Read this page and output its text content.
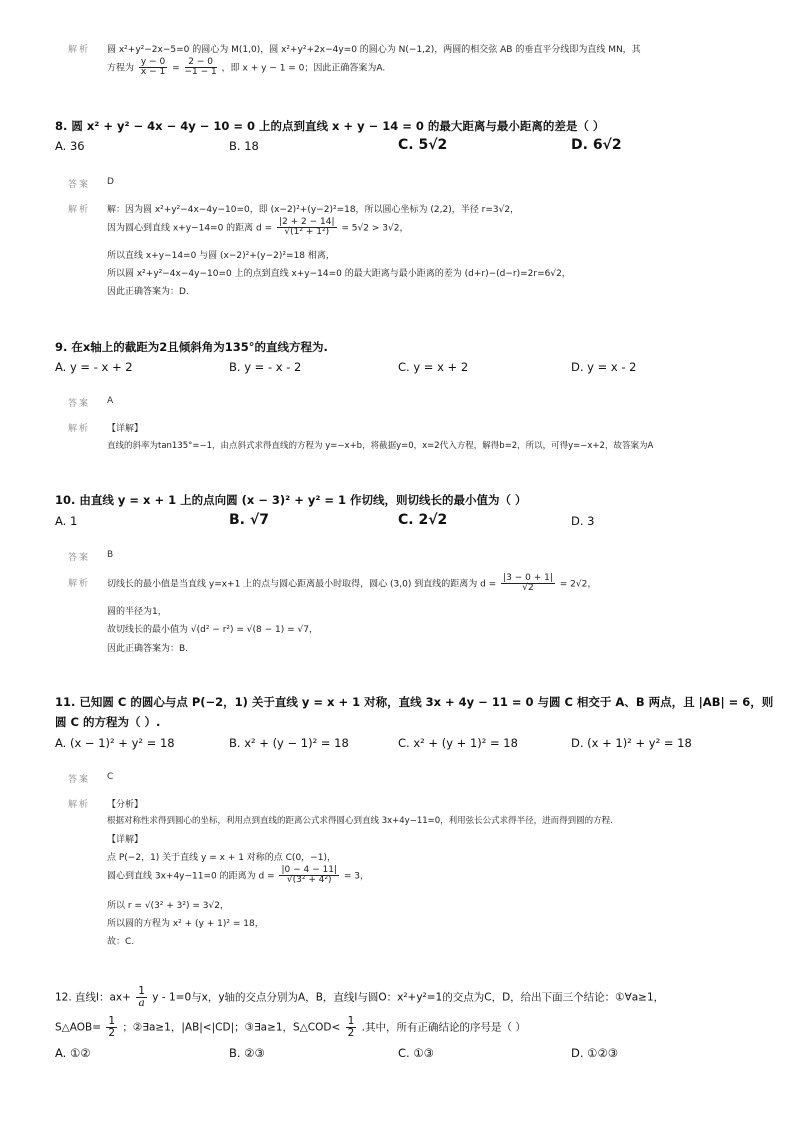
解析 圆 x²+y²−2x−5=0 的圆心为 M(1,0)，圆 x²+y²+2x−4y=0 的圆心为 N(−1,2)，两圆的相交弦 AB 的垂直平分线即为直线 MN，其
方程为 $\frac{y - 0}{x - 1} = \frac{2 - 0}{-1 - 1}$ ，即 x + y − 1 = 0；因此正确答案为A.
8. 圆 x² + y² − 4x − 4y − 10 = 0 上的点到直线 x + y − 14 = 0 的最大距离与最小距离的差是（ ）
A. 36	B. 18	C. 5√2	D. 6√2
答案 D
解析 解：因为圆 x²+y²−4x−4y−10=0，即 (x−2)²+(y−2)²=18，所以圆心坐标为 (2,2)，半径 r=3√2，
因为圆心到直线 x+y−14=0 的距离 $d = \frac{|2 + 2 - 14|}{\text{√(1² + 1²)}} = 5√2 > 3√2$，
所以直线 x+y−14=0 与圆 (x−2)²+(y−2)²=18 相离，
所以圆 x²+y²−4x−4y−10=0 上的点到直线 x+y−14=0 的最大距离与最小距离的差为 (d+r)−(d−r)=2r=6√2，
因此正确答案为：D.
9. 在x轴上的截距为2且倾斜角为135°的直线方程为.
A. y = - x + 2	B. y = - x - 2	C. y = x + 2	D. y = x - 2
答案 A
解析 【详解】
直线的斜率为tan135°=−1，由点斜式求得直线的方程为 y=−x+b，将截据y=0，x=2代入方程，解得b=2，所以，可得y=−x+2，故答案为A
10. 由直线 y = x + 1 上的点向圆 (x − 3)² + y² = 1 作切线，则切线长的最小值为（ ）
A. 1	B. √7	C. 2√2	D. 3
答案 B
解析 切线长的最小值是当直线 y=x+1 上的点与圆心距离最小时取得，圆心 (3,0) 到直线的距离为 $d = \frac{|3 - 0 + 1|}{√2} = 2√2$，
圆的半径为1，
故切线长的最小值为 √(d² − r²) = √(8 − 1) = √7，
因此正确答案为：B.
11. 已知圆 C 的圆心与点 P(−2，1) 关于直线 y = x + 1 对称，直线 3x + 4y − 11 = 0 与圆 C 相交于 A、B 两点，且 |AB| = 6，则
圆 C 的方程为（ ）.
A. (x − 1)² + y² = 18	B. x² + (y − 1)² = 18	C. x² + (y + 1)² = 18	D. (x + 1)² + y² = 18
答案 C
解析 【分析】
根据对称性求得到圆心的坐标，利用点到直线的距离公式求得圆心到直线 3x+4y−11=0，利用弦长公式求得半径，进而得到圆的方程.
【详解】
点 P(−2，1) 关于直线 y = x + 1 对称的点 C(0，−1)，
圆心到直线 3x+4y−11=0 的距离为 $d = \frac{|0 - 4 - 11|}{\text{√(3² + 4²)}} = 3$，
所以 r = √(3² + 3²) = 3√2，
所以圆的方程为 x² + (y + 1)² = 18，
故：C.
12. 直线l：$ax+ \frac{1}{a}$ y - 1=0与x，y轴的交点分别为A，B，直线l与圆O：x²+y²=1的交点为C，D，给出下面三个结论：①∀a≥1，
S△AOB= $\frac{1}{2}$ ；②∃a≥1，|AB|<|CD|；③∃a≥1，S△COD< $\frac{1}{2}$ .其中，所有正确结论的序号是（ ）
A. ①②	B. ②③	C. ①③	D. ①②③
